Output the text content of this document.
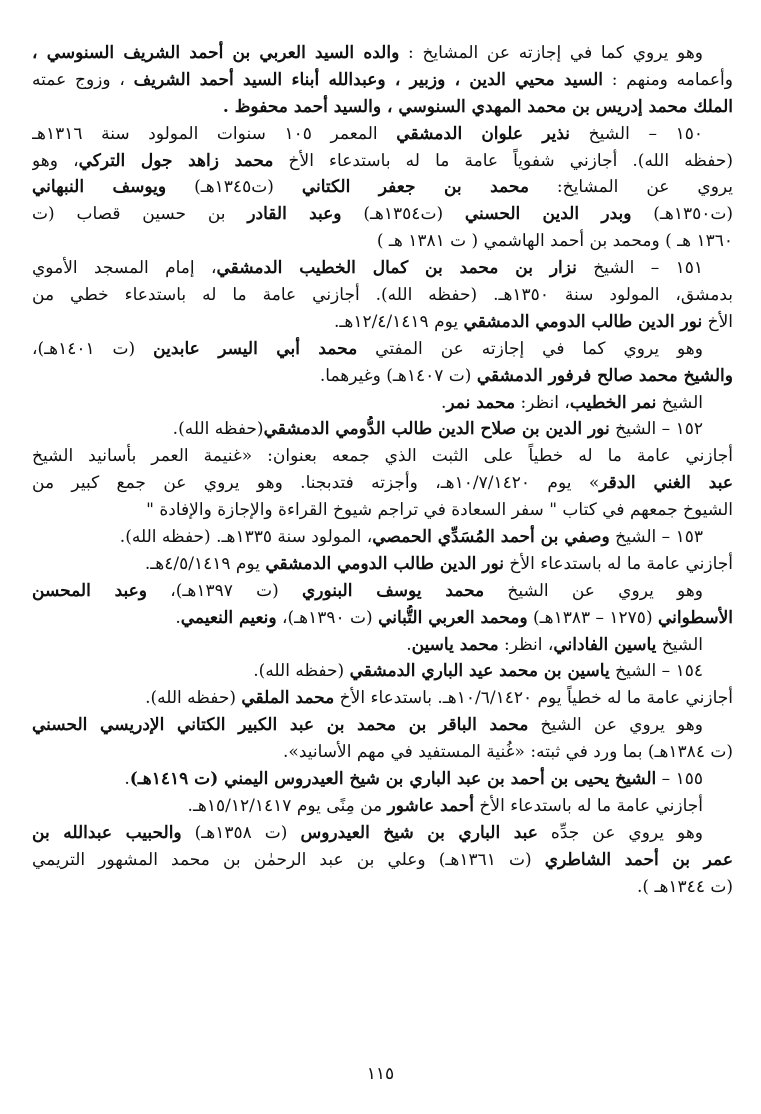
وهو يروي كما في إجازته عن المشايخ : والده السيد العربي بن أحمد الشريف السنوسي ،
وأعمامه ومنهم : السيد محيي الدين ، وزبير ، وعبدالله أبناء السيد أحمد الشريف ، وزوج عمته
الملك محمد إدريس بن محمد المهدي السنوسي ، والسيد أحمد محفوظ .
١٥٠ – الشيخ نذير علوان الدمشقي المعمر ١٠٥ سنوات المولود سنة ١٣١٦هـ
(حفظه الله). أجازني شفوياً عامة ما له باستدعاء الأخ محمد زاهد جول التركي، وهو
يروي عن المشايخ: محمد بن جعفر الكتاني (ت١٣٤٥هـ) ويوسف النبهاني
(ت١٣٥٠هـ) وبدر الدين الحسني (ت١٣٥٤هـ) وعبد القادر بن حسين قصاب (ت
١٣٦٠ هـ ) ومحمد بن أحمد الهاشمي ( ت ١٣٨١ هـ )
١٥١ – الشيخ نزار بن محمد بن كمال الخطيب الدمشقي، إمام المسجد الأموي
بدمشق، المولود سنة ١٣٥٠هـ. (حفظه الله). أجازني عامة ما له باستدعاء خطي من
الأخ نور الدين طالب الدومي الدمشقي يوم ١٢/٤/١٤١٩هـ.
وهو يروي كما في إجازته عن المفتي محمد أبي اليسر عابدين (ت ١٤٠١هـ)،
والشيخ محمد صالح فرفور الدمشقي (ت ١٤٠٧هـ) وغيرهما.
الشيخ نمر الخطيب، انظر: محمد نمر.
١٥٢ – الشيخ نور الدين بن صلاح الدين طالب الدُّومي الدمشقي(حفظه الله).
أجازني عامة ما له خطياً على الثبت الذي جمعه بعنوان: «غنيمة العمر بأسانيد الشيخ
عبد الغني الدقر» يوم ١٠/٧/١٤٢٠هـ، وأجزته فتدبجنا. وهو يروي عن جمع كبير من
الشيوخ جمعهم في كتاب " سفر السعادة في تراجم شيوخ القراءة والإجازة والإفادة "
١٥٣ – الشيخ وصفي بن أحمد المُسَدِّي الحمصي، المولود سنة ١٣٣٥هـ. (حفظه الله).
أجازني عامة ما له باستدعاء الأخ نور الدين طالب الدومي الدمشقي يوم ٤/٥/١٤١٩هـ.
وهو يروي عن الشيخ محمد يوسف البنوري (ت ١٣٩٧هـ)، وعبد المحسن
الأسطواني (١٢٧٥ – ١٣٨٣هـ) ومحمد العربي التُّباني (ت ١٣٩٠هـ)، ونعيم النعيمي.
الشيخ ياسين الفاداني، انظر: محمد ياسين.
١٥٤ – الشيخ ياسين بن محمد عيد الباري الدمشقي (حفظه الله).
أجازني عامة ما له خطياً يوم ١٠/٦/١٤٢٠هـ. باستدعاء الأخ محمد الملقي (حفظه الله).
وهو يروي عن الشيخ محمد الباقر بن محمد بن عبد الكبير الكتاني الإدريسي الحسني
(ت ١٣٨٤هـ) بما ورد في ثبته: «غُنية المستفيد في مهم الأسانيد».
١٥٥ – الشيخ يحيى بن أحمد بن عبد الباري بن شيخ العيدروس اليمني (ت ١٤١٩هـ).
أجازني عامة ما له باستدعاء الأخ أحمد عاشور من مِنًى يوم ١٥/١٢/١٤١٧هـ.
وهو يروي عن جدِّه عبد الباري بن شيخ العيدروس (ت ١٣٥٨هـ) والحبيب عبدالله بن
عمر بن أحمد الشاطري (ت ١٣٦١هـ) وعلي بن عبد الرحمٰن بن محمد المشهور التريمي
(ت ١٣٤٤هـ ).
١١٥
